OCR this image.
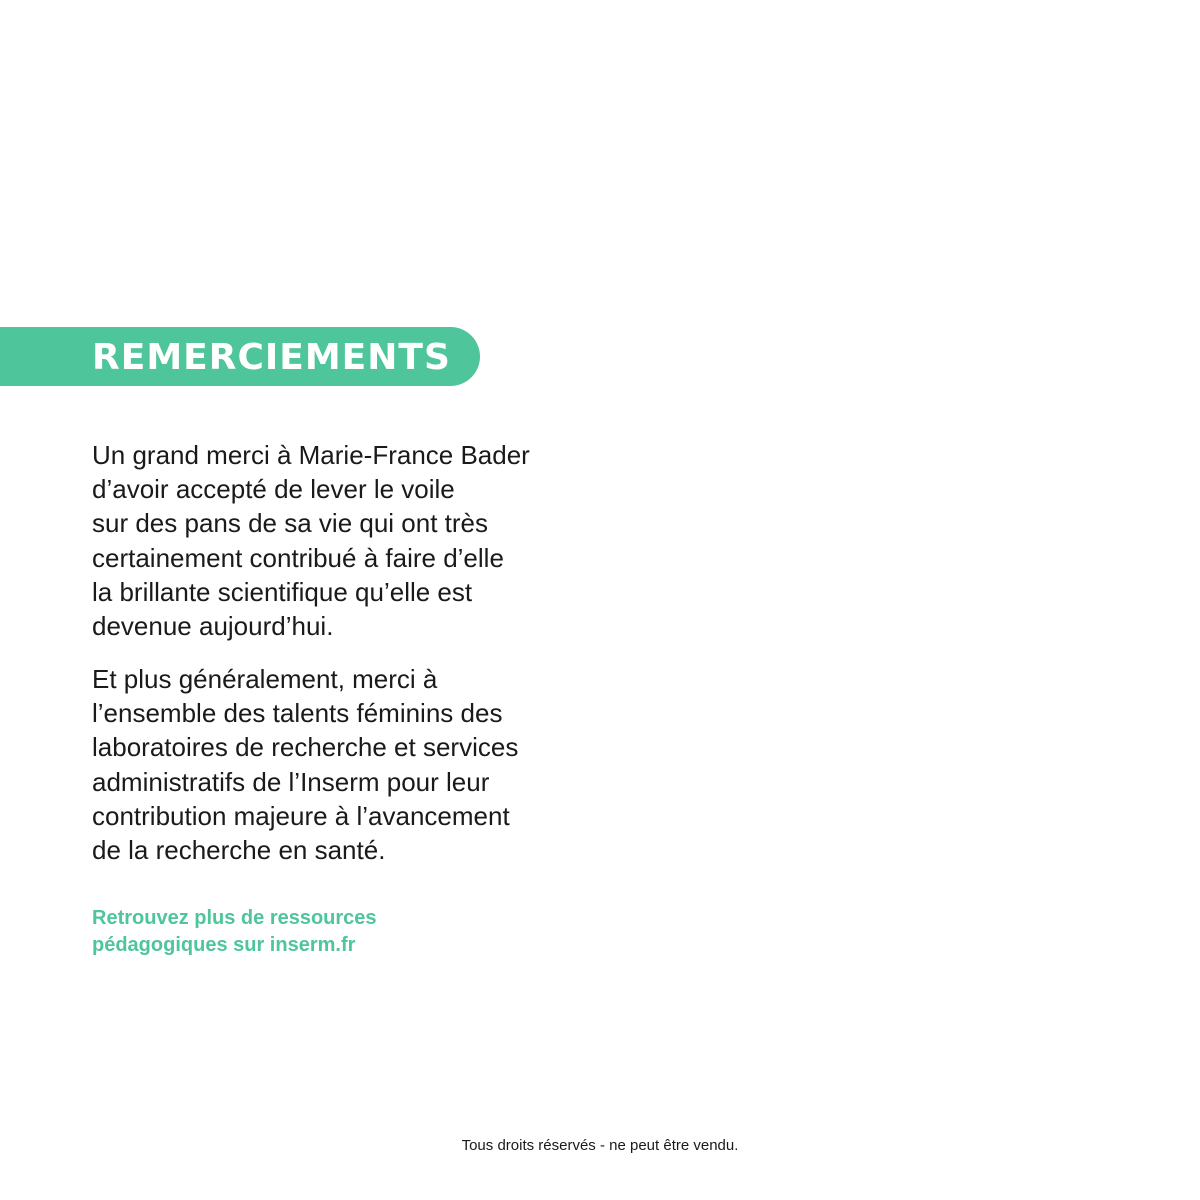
REMERCIEMENTS

Un grand merci à Marie-France Bader
d’avoir accepté de lever le voile
sur des pans de sa vie qui ont très
certainement contribué à faire d’elle
la brillante scientifique qu’elle est
devenue aujourd’hui.

Et plus généralement, merci à
l’ensemble des talents féminins des
laboratoires de recherche et services
administratifs de l’Inserm pour leur
contribution majeure à l’avancement
de la recherche en santé.

Retrouvez plus de ressources
pédagogiques sur inserm.fr

Tous droits réservés - ne peut être vendu.
